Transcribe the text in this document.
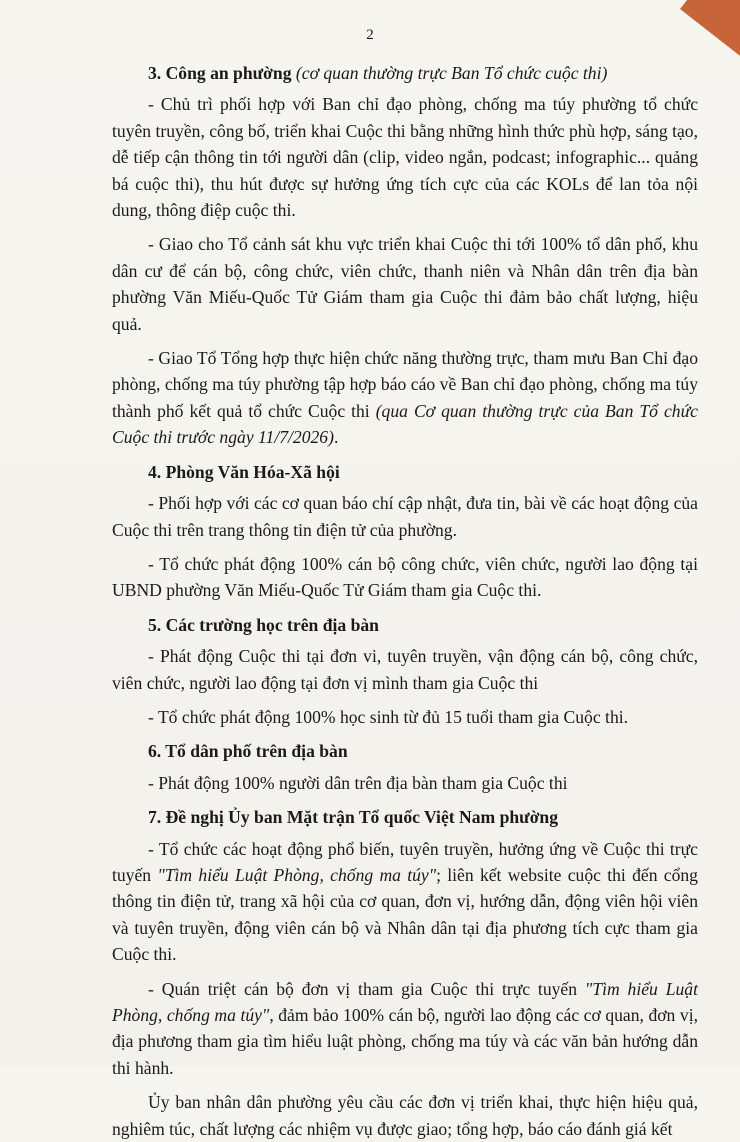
2

3. Công an phường (cơ quan thường trực Ban Tổ chức cuộc thi)

- Chủ trì phối hợp với Ban chỉ đạo phòng, chống ma túy phường tổ chức tuyên truyền, công bố, triển khai Cuộc thi bằng những hình thức phù hợp, sáng tạo, dễ tiếp cận thông tin tới người dân (clip, video ngắn, podcast; infographic... quảng bá cuộc thi), thu hút được sự hưởng ứng tích cực của các KOLs để lan tỏa nội dung, thông điệp cuộc thi.

- Giao cho Tổ cảnh sát khu vực triển khai Cuộc thi tới 100% tổ dân phố, khu dân cư để cán bộ, công chức, viên chức, thanh niên và Nhân dân trên địa bàn phường Văn Miếu-Quốc Tử Giám tham gia Cuộc thi đảm bảo chất lượng, hiệu quả.

- Giao Tổ Tổng hợp thực hiện chức năng thường trực, tham mưu Ban Chỉ đạo phòng, chống ma túy phường tập hợp báo cáo về Ban chỉ đạo phòng, chống ma túy thành phố kết quả tổ chức Cuộc thi (qua Cơ quan thường trực của Ban Tổ chức Cuộc thi trước ngày 11/7/2026).

4. Phòng Văn Hóa-Xã hội

- Phối hợp với các cơ quan báo chí cập nhật, đưa tin, bài về các hoạt động của Cuộc thi trên trang thông tin điện tử của phường.

- Tổ chức phát động 100% cán bộ công chức, viên chức, người lao động tại UBND phường Văn Miếu-Quốc Tử Giám tham gia Cuộc thi.

5. Các trường học trên địa bàn

- Phát động Cuộc thi tại đơn vi, tuyên truyền, vận động cán bộ, công chức, viên chức, người lao động tại đơn vị mình tham gia Cuộc thi

- Tổ chức phát động 100% học sinh từ đủ 15 tuổi tham gia Cuộc thi.

6. Tổ dân phố trên địa bàn

- Phát động 100% người dân trên địa bàn tham gia Cuộc thi

7. Đề nghị Ủy ban Mặt trận Tổ quốc Việt Nam phường

- Tổ chức các hoạt động phổ biến, tuyên truyền, hưởng ứng về Cuộc thi trực tuyến "Tìm hiểu Luật Phòng, chống ma túy"; liên kết website cuộc thi đến cổng thông tin điện tử, trang xã hội của cơ quan, đơn vị, hướng dẫn, động viên hội viên và tuyên truyền, động viên cán bộ và Nhân dân tại địa phương tích cực tham gia Cuộc thi.

- Quán triệt cán bộ đơn vị tham gia Cuộc thi trực tuyến "Tìm hiểu Luật Phòng, chống ma túy", đảm bảo 100% cán bộ, người lao động các cơ quan, đơn vị, địa phương tham gia tìm hiểu luật phòng, chống ma túy và các văn bản hướng dẫn thi hành.

Ủy ban nhân dân phường yêu cầu các đơn vị triển khai, thực hiện hiệu quả, nghiêm túc, chất lượng các nhiệm vụ được giao; tổng hợp, báo cáo đánh giá kết
